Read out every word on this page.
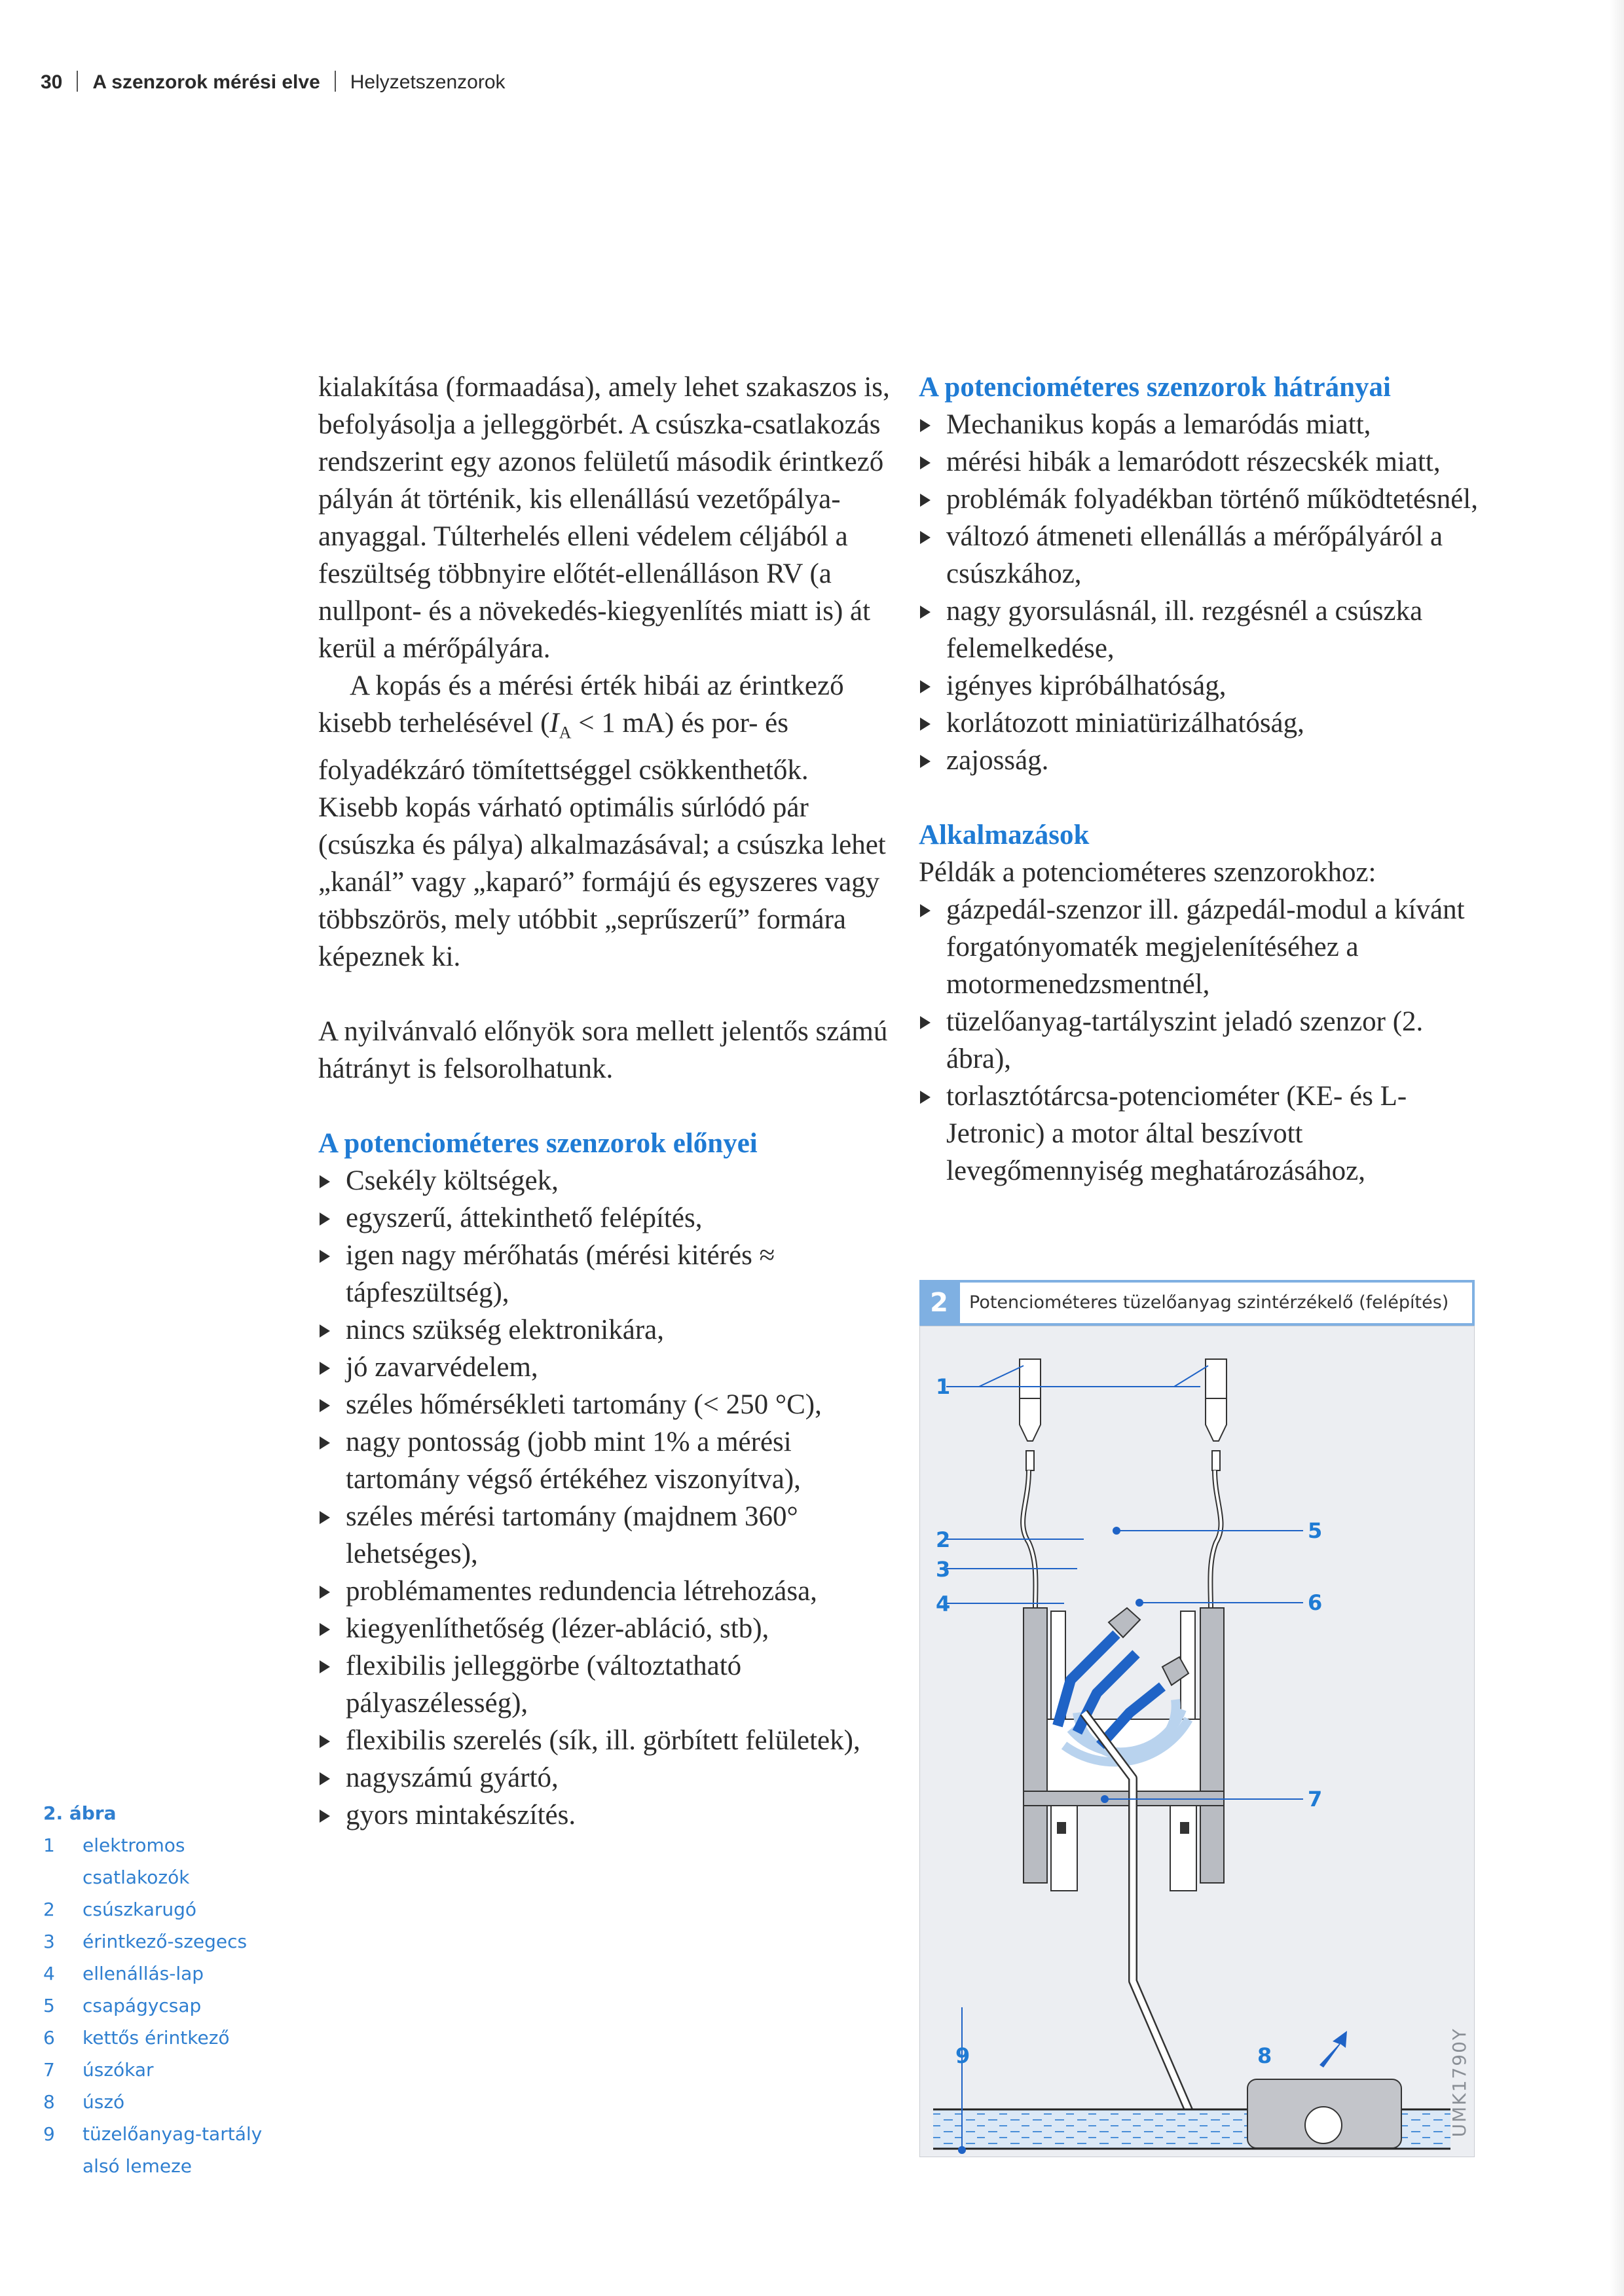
30 A szenzorok mérési elve Helyzetszenzorok

kialakítása (formaadása), amely lehet szakaszos is, befolyásolja a jelleggörbét. A csúszka-csatlakozás rendszerint egy azonos felületű második érintkező pályán át történik, kis ellenállású vezetőpálya-anyaggal. Túlterhelés elleni védelem céljából a feszültség többnyire előtét-ellenálláson RV (a nullpont- és a növekedés-kiegyenlítés miatt is) át kerül a mérőpályára.

A kopás és a mérési érték hibái az érintkező kisebb terhelésével ($I_A < 1$ mA) és por- és folyadékzáró tömítettséggel csökkenthetők. Kisebb kopás várható optimális súrlódó pár (csúszka és pálya) alkalmazásával; a csúszka lehet „kanál” vagy „kaparó” formájú és egyszeres vagy többszörös, mely utóbbit „seprűszerű” formára képeznek ki.

A nyilvánvaló előnyök sora mellett jelentős számú hátrányt is felsorolhatunk.

A potenciométeres szenzorok előnyei
Csekély költségek,
egyszerű, áttekinthető felépítés,
igen nagy mérőhatás (mérési kitérés ≈ tápfeszültség),
nincs szükség elektronikára,
jó zavarvédelem,
széles hőmérsékleti tartomány (< 250 °C),
nagy pontosság (jobb mint 1% a mérési tartomány végső értékéhez viszonyítva),
széles mérési tartomány (majdnem 360° lehetséges),
problémamentes redundencia létrehozása,
kiegyenlíthetőség (lézer-abláció, stb),
flexibilis jelleggörbe (változtatható pályaszélesség),
flexibilis szerelés (sík, ill. görbített felületek),
nagyszámú gyártó,
gyors mintakészítés.
A potenciométeres szenzorok hátrányai
Mechanikus kopás a lemaródás miatt,
mérési hibák a lemaródott részecskék miatt,
problémák folyadékban történő működtetésnél,
változó átmeneti ellenállás a mérőpályáról a csúszkához,
nagy gyorsulásnál, ill. rezgésnél a csúszka felemelkedése,
igényes kipróbálhatóság,
korlátozott miniatürizálhatóság,
zajosság.
Alkalmazások

Példák a potenciométeres szenzorokhoz:

gázpedál-szenzor ill. gázpedál-modul a kívánt forgatónyomaték megjelenítéséhez a motormenedzsmentnél,
tüzelőanyag-tartályszint jeladó szenzor (2. ábra),
torlasztótárcsa-potenciométer (KE- és L-Jetronic) a motor által beszívott levegőmennyiség meghatározásához,
2	Potenciométeres tüzelőanyag szintérzékelő (felépítés)
1
2
3
4
5
6
7
8
9	UMK1790Y
2. ábra
1	elektromos
csatlakozók
2	csúszkarugó
3	érintkező-szegecs
4	ellenállás-lap
5	csapágycsap
6	kettős érintkező
7	úszókar
8	úszó
9	tüzelőanyag-tartály
alsó lemeze
